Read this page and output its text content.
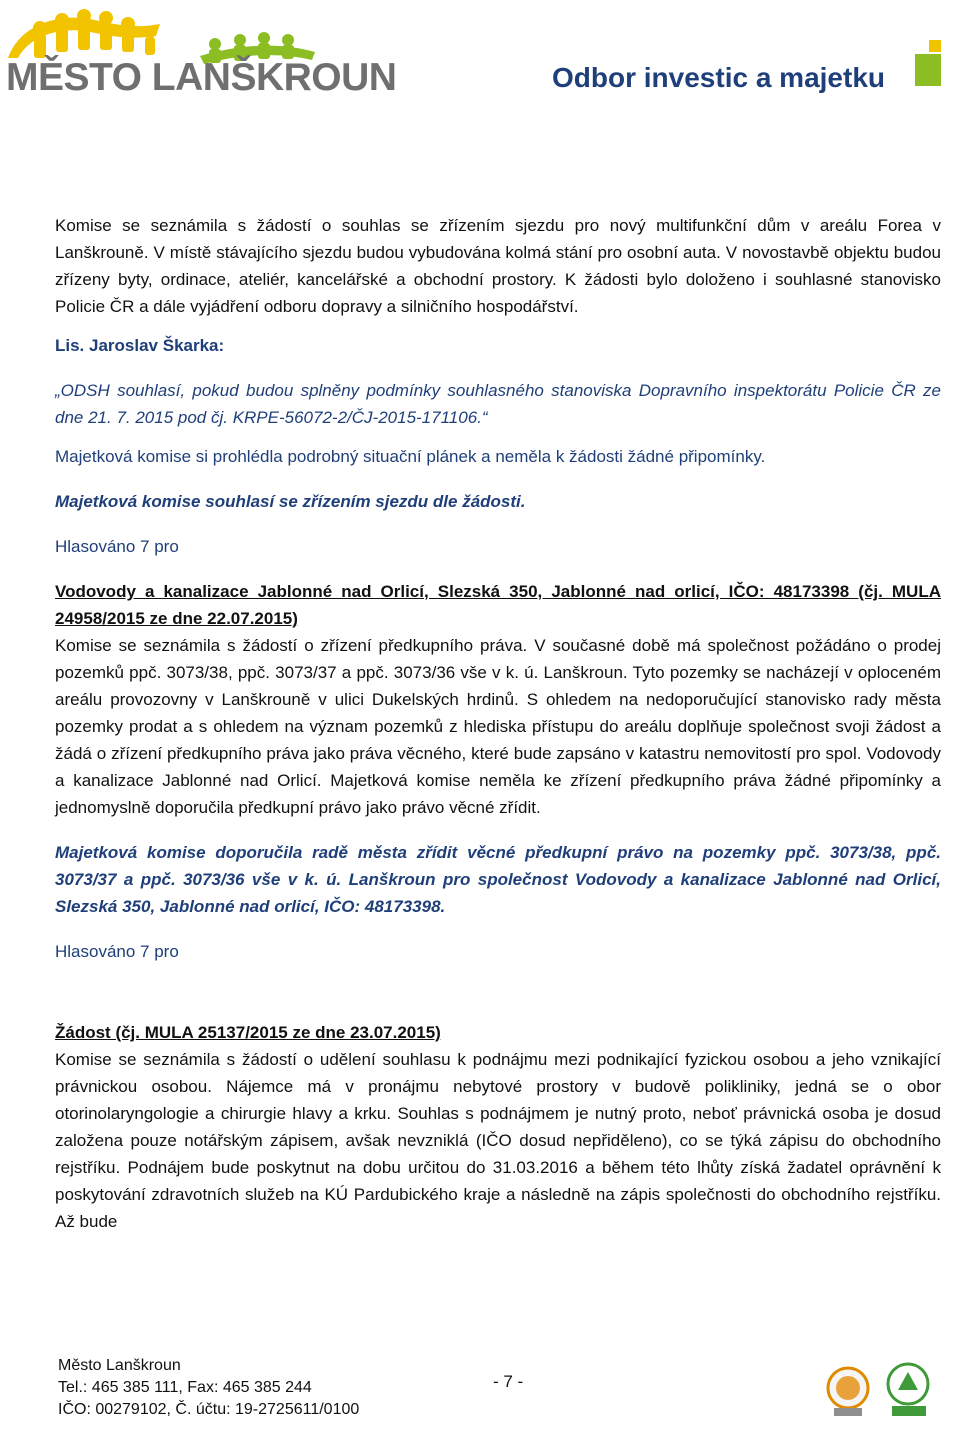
MĚSTO LANŠKROUN	Odbor investic a majetku

Komise se seznámila s žádostí o souhlas se zřízením sjezdu pro nový multifunkční dům v areálu Forea v Lanškrouně. V místě stávajícího sjezdu budou vybudována kolmá stání pro osobní auta. V novostavbě objektu budou zřízeny byty, ordinace, ateliér, kancelářské a obchodní prostory. K žádosti bylo doloženo i souhlasné stanovisko Policie ČR a dále vyjádření odboru dopravy a silničního hospodářství.

Lis. Jaroslav Škarka:

„ODSH souhlasí, pokud budou splněny podmínky souhlasného stanoviska Dopravního inspektorátu Policie ČR ze dne 21. 7. 2015 pod čj. KRPE-56072-2/ČJ-2015-171106.“

Majetková komise si prohlédla podrobný situační plánek a neměla k žádosti žádné připomínky.

Majetková komise souhlasí se zřízením sjezdu dle žádosti.

Hlasováno 7 pro

Vodovody a kanalizace Jablonné nad Orlicí, Slezská 350, Jablonné nad orlicí, IČO: 48173398 (čj. MULA 24958/2015 ze dne 22.07.2015)

Komise se seznámila s žádostí o zřízení předkupního práva. V současné době má společnost požádáno o prodej pozemků ppč. 3073/38, ppč. 3073/37 a ppč. 3073/36 vše v k. ú. Lanškroun. Tyto pozemky se nacházejí v oploceném areálu provozovny v Lanškrouně v ulici Dukelských hrdinů. S ohledem na nedoporučující stanovisko rady města pozemky prodat a s ohledem na význam pozemků z hlediska přístupu do areálu doplňuje společnost svoji žádost a žádá o zřízení předkupního práva jako práva věcného, které bude zapsáno v katastru nemovitostí pro spol. Vodovody a kanalizace Jablonné nad Orlicí. Majetková komise neměla ke zřízení předkupního práva žádné připomínky a jednomyslně doporučila předkupní právo jako právo věcné zřídit.

Majetková komise doporučila radě města zřídit věcné předkupní právo na pozemky ppč. 3073/38, ppč. 3073/37 a ppč. 3073/36 vše v k. ú. Lanškroun pro společnost Vodovody a kanalizace Jablonné nad Orlicí, Slezská 350, Jablonné nad orlicí, IČO: 48173398.

Hlasováno 7 pro

Žádost (čj. MULA 25137/2015 ze dne 23.07.2015)

Komise se seznámila s žádostí o udělení souhlasu k podnájmu mezi podnikající fyzickou osobou a jeho vznikající právnickou osobou. Nájemce má v pronájmu nebytové prostory v budově polikliniky, jedná se o obor otorinolaryngologie a chirurgie hlavy a krku. Souhlas s podnájmem je nutný proto, neboť právnická osoba je dosud založena pouze notářským zápisem, avšak nevzniklá (IČO dosud nepřiděleno), co se týká zápisu do obchodního rejstříku. Podnájem bude poskytnut na dobu určitou do 31.03.2016 a během této lhůty získá žadatel oprávnění k poskytování zdravotních služeb na KÚ Pardubického kraje a následně na zápis společnosti do obchodního rejstříku. Až bude

Město Lanškroun
Tel.: 465 385 111, Fax: 465 385 244
IČO: 00279102, Č. účtu: 19-2725611/0100
- 7 -
